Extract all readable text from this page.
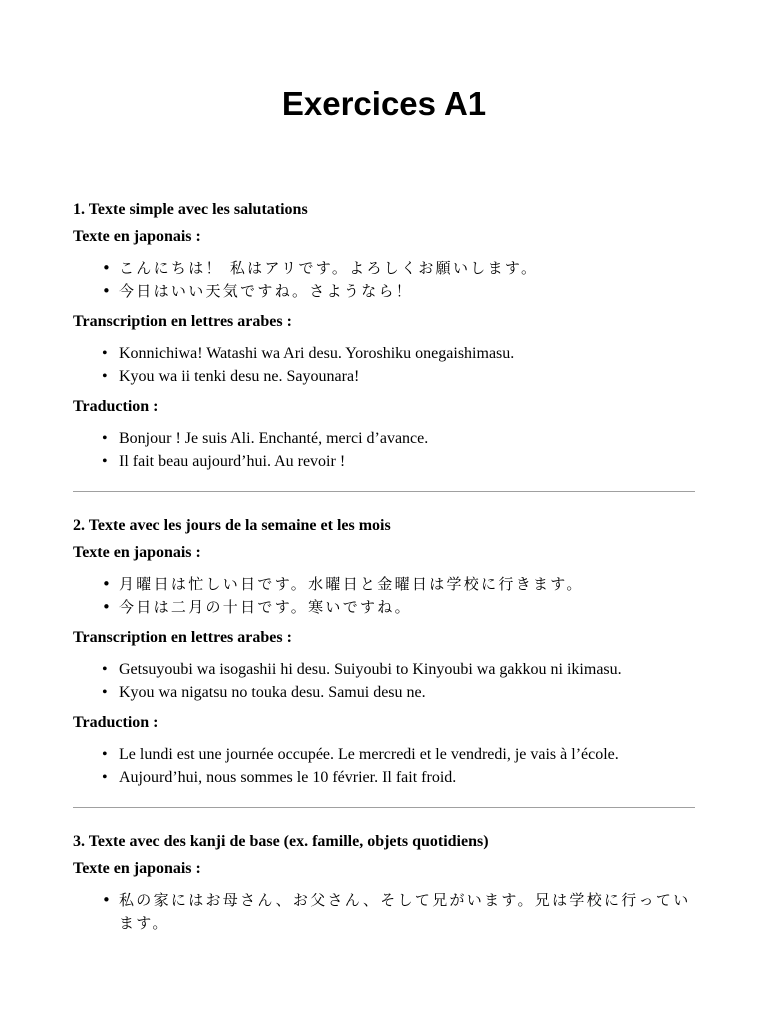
Exercices A1

1. Texte simple avec les salutations

Texte en japonais :

• こんにちは！ 私はアリです。よろしくお願いします。
• 今日はいい天気ですね。さようなら！

Transcription en lettres arabes :

• Konnichiwa! Watashi wa Ari desu. Yoroshiku onegaishimasu.
• Kyou wa ii tenki desu ne. Sayounara!

Traduction :

• Bonjour ! Je suis Ali. Enchanté, merci d’avance.
• Il fait beau aujourd’hui. Au revoir !

2. Texte avec les jours de la semaine et les mois

Texte en japonais :

• 月曜日は忙しい日です。水曜日と金曜日は学校に行きます。
• 今日は二月の十日です。寒いですね。

Transcription en lettres arabes :

• Getsuyoubi wa isogashii hi desu. Suiyoubi to Kinyoubi wa gakkou ni ikimasu.
• Kyou wa nigatsu no touka desu. Samui desu ne.

Traduction :

• Le lundi est une journée occupée. Le mercredi et le vendredi, je vais à l’école.
• Aujourd’hui, nous sommes le 10 février. Il fait froid.

3. Texte avec des kanji de base (ex. famille, objets quotidiens)

Texte en japonais :

• 私の家にはお母さん、お父さん、そして兄がいます。兄は学校に行っています。
